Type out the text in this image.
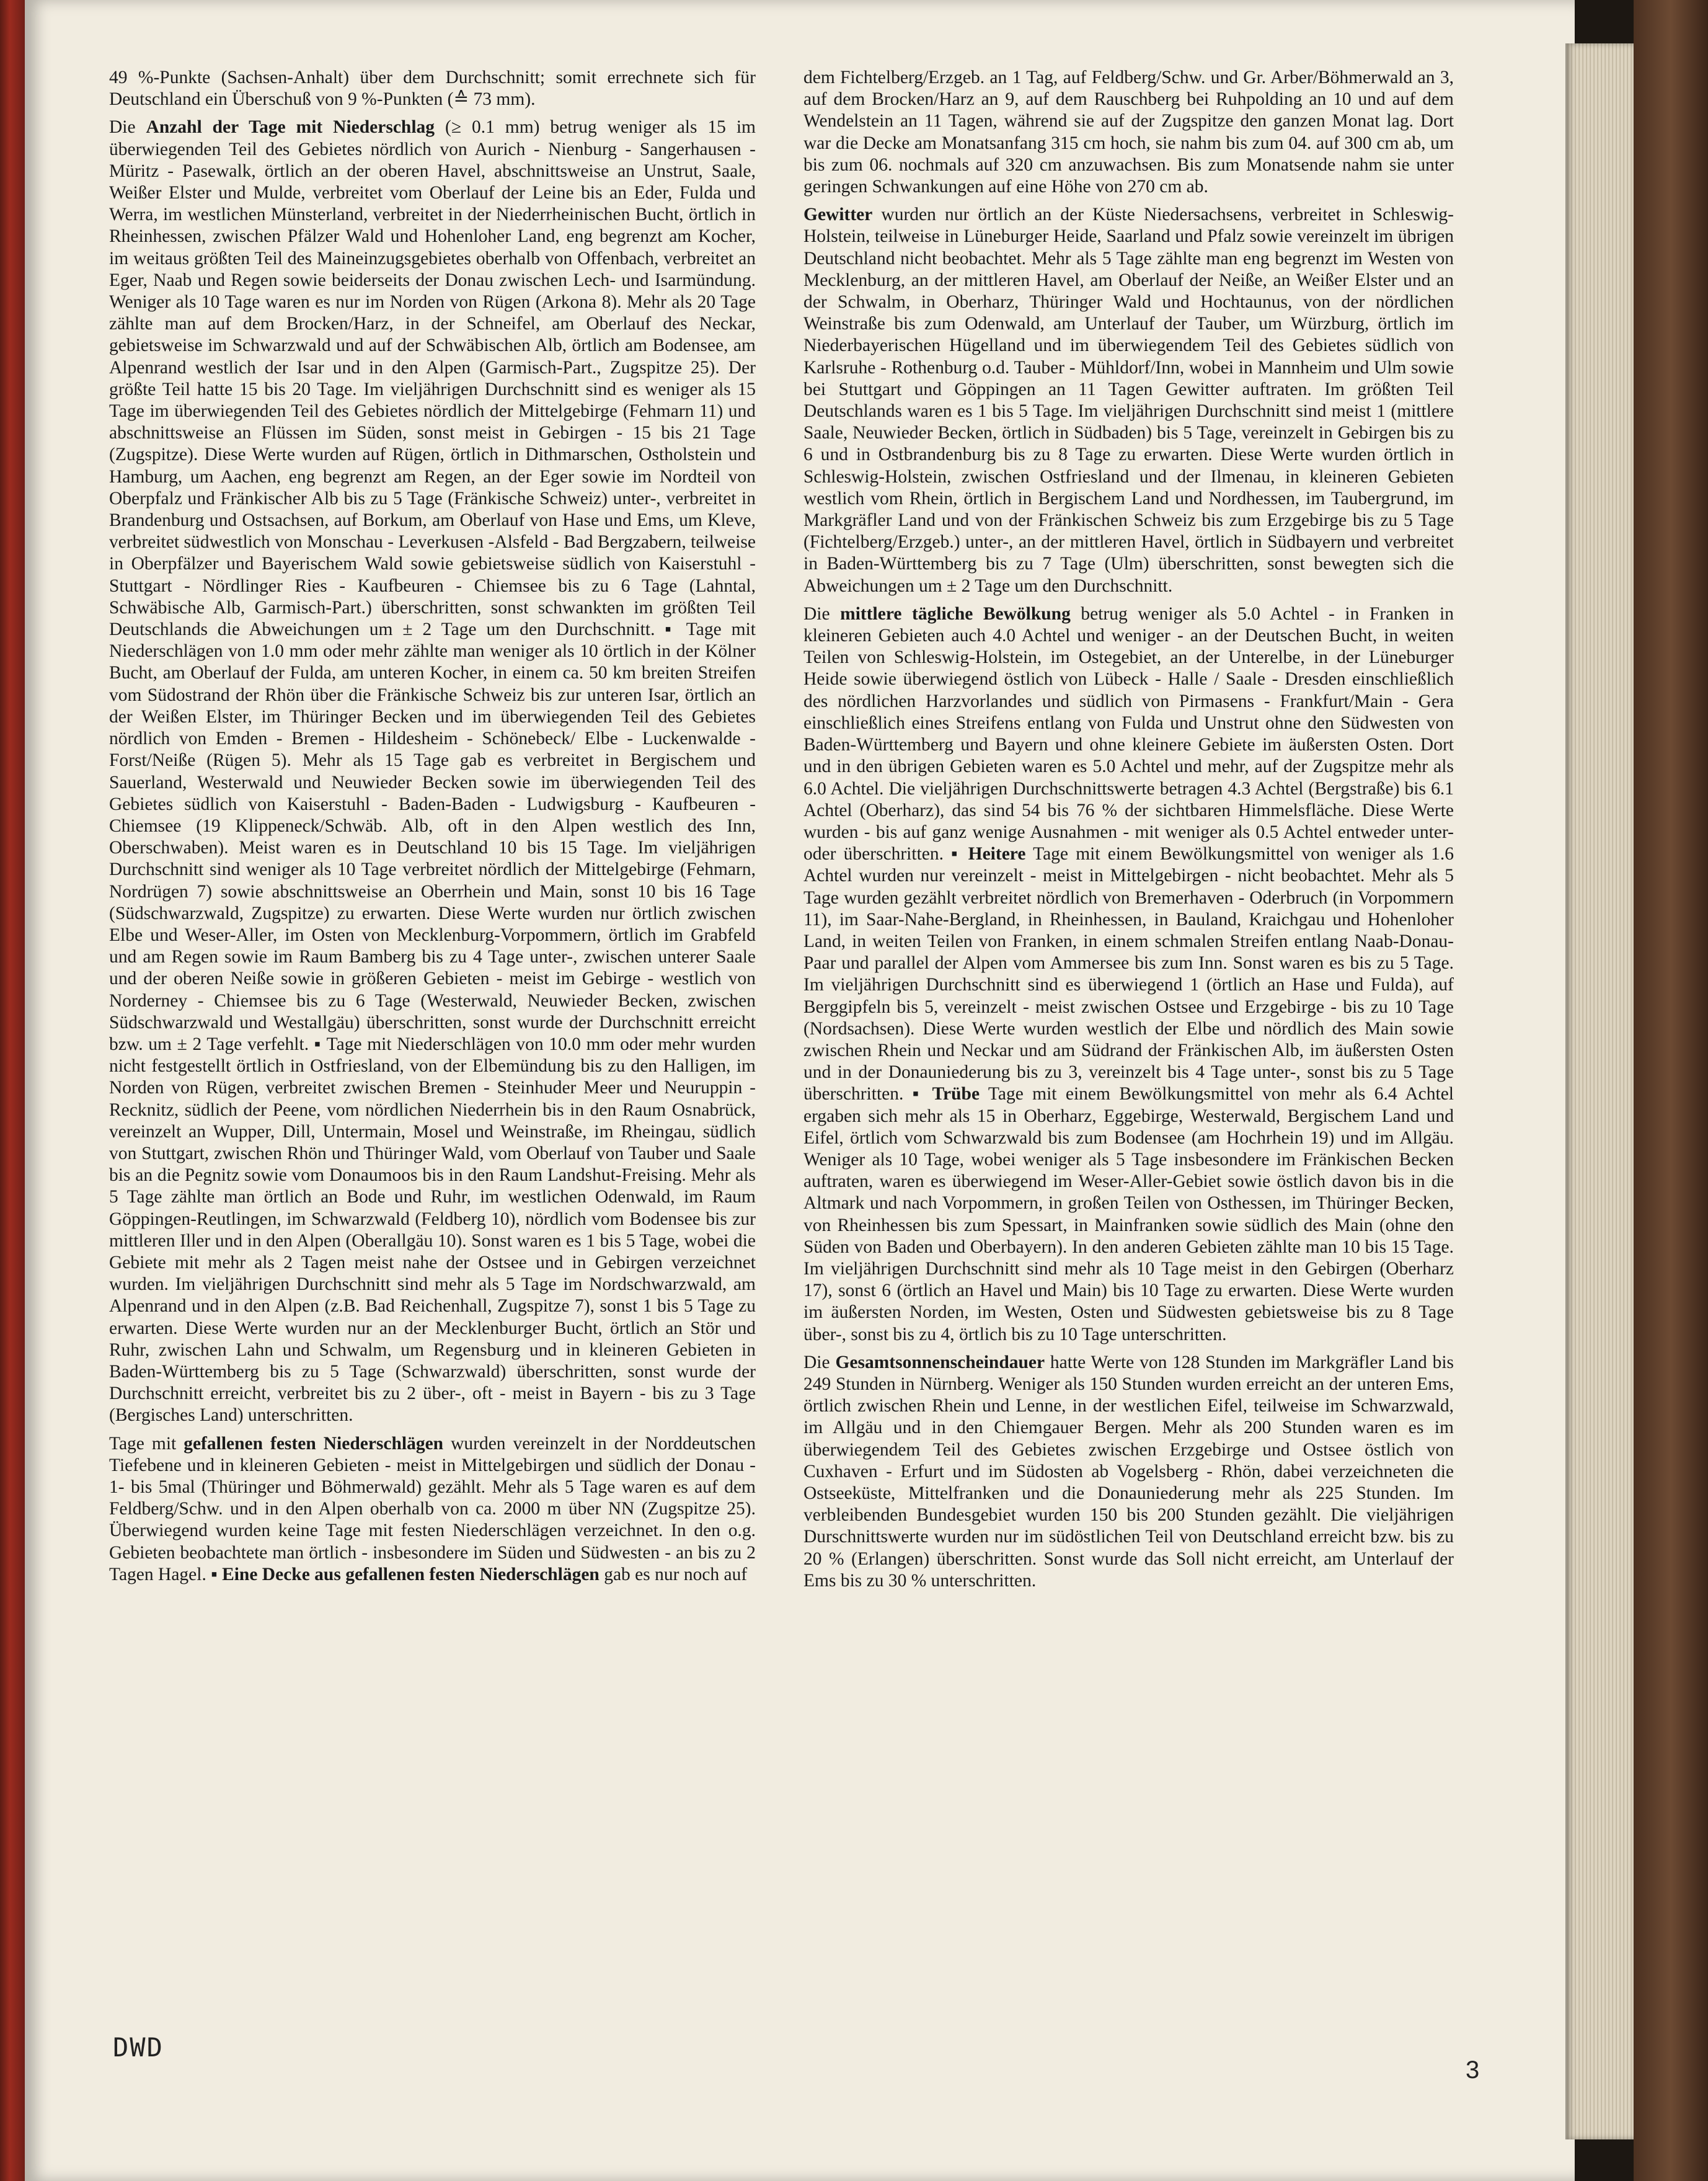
49 %-Punkte (Sachsen-Anhalt) über dem Durchschnitt; somit errechnete sich für Deutschland ein Überschuß von 9 %-Punkten (≙ 73 mm).

Die Anzahl der Tage mit Niederschlag (≥ 0.1 mm) betrug weniger als 15 im überwiegenden Teil des Gebietes nördlich von Aurich - Nienburg - Sangerhausen - Müritz - Pasewalk, örtlich an der oberen Havel, abschnittsweise an Unstrut, Saale, Weißer Elster und Mulde, verbreitet vom Oberlauf der Leine bis an Eder, Fulda und Werra, im westlichen Münsterland, verbreitet in der Niederrheinischen Bucht, örtlich in Rheinhessen, zwischen Pfälzer Wald und Hohenloher Land, eng begrenzt am Kocher, im weitaus größten Teil des Maineinzugsgebietes oberhalb von Offenbach, verbreitet an Eger, Naab und Regen sowie beiderseits der Donau zwischen Lech- und Isarmündung. Weniger als 10 Tage waren es nur im Norden von Rügen (Arkona 8). Mehr als 20 Tage zählte man auf dem Brocken/Harz, in der Schneifel, am Oberlauf des Neckar, gebietsweise im Schwarzwald und auf der Schwäbischen Alb, örtlich am Bodensee, am Alpenrand westlich der Isar und in den Alpen (Garmisch-Part., Zugspitze 25). Der größte Teil hatte 15 bis 20 Tage. Im vieljährigen Durchschnitt sind es weniger als 15 Tage im überwiegenden Teil des Gebietes nördlich der Mittelgebirge (Fehmarn 11) und abschnittsweise an Flüssen im Süden, sonst meist in Gebirgen - 15 bis 21 Tage (Zugspitze). Diese Werte wurden auf Rügen, örtlich in Dithmarschen, Ostholstein und Hamburg, um Aachen, eng begrenzt am Regen, an der Eger sowie im Nordteil von Oberpfalz und Fränkischer Alb bis zu 5 Tage (Fränkische Schweiz) unter-, verbreitet in Brandenburg und Ostsachsen, auf Borkum, am Oberlauf von Hase und Ems, um Kleve, verbreitet südwestlich von Monschau - Leverkusen -Alsfeld - Bad Bergzabern, teilweise in Oberpfälzer und Bayerischem Wald sowie gebietsweise südlich von Kaiserstuhl - Stuttgart - Nördlinger Ries - Kaufbeuren - Chiemsee bis zu 6 Tage (Lahntal, Schwäbische Alb, Garmisch-Part.) überschritten, sonst schwankten im größten Teil Deutschlands die Abweichungen um ± 2 Tage um den Durchschnitt. ▪ Tage mit Niederschlägen von 1.0 mm oder mehr zählte man weniger als 10 örtlich in der Kölner Bucht, am Oberlauf der Fulda, am unteren Kocher, in einem ca. 50 km breiten Streifen vom Südostrand der Rhön über die Fränkische Schweiz bis zur unteren Isar, örtlich an der Weißen Elster, im Thüringer Becken und im überwiegenden Teil des Gebietes nördlich von Emden - Bremen - Hildesheim - Schönebeck/ Elbe - Luckenwalde - Forst/Neiße (Rügen 5). Mehr als 15 Tage gab es verbreitet in Bergischem und Sauerland, Westerwald und Neuwieder Becken sowie im überwiegenden Teil des Gebietes südlich von Kaiserstuhl - Baden-Baden - Ludwigsburg - Kaufbeuren - Chiemsee (19 Klippeneck/Schwäb. Alb, oft in den Alpen westlich des Inn, Oberschwaben). Meist waren es in Deutschland 10 bis 15 Tage. Im vieljährigen Durchschnitt sind weniger als 10 Tage verbreitet nördlich der Mittelgebirge (Fehmarn, Nordrügen 7) sowie abschnittsweise an Oberrhein und Main, sonst 10 bis 16 Tage (Südschwarzwald, Zugspitze) zu erwarten. Diese Werte wurden nur örtlich zwischen Elbe und Weser-Aller, im Osten von Mecklenburg-Vorpommern, örtlich im Grabfeld und am Regen sowie im Raum Bamberg bis zu 4 Tage unter-, zwischen unterer Saale und der oberen Neiße sowie in größeren Gebieten - meist im Gebirge - westlich von Norderney - Chiemsee bis zu 6 Tage (Westerwald, Neuwieder Becken, zwischen Südschwarzwald und Westallgäu) überschritten, sonst wurde der Durchschnitt erreicht bzw. um ± 2 Tage verfehlt. ▪ Tage mit Niederschlägen von 10.0 mm oder mehr wurden nicht festgestellt örtlich in Ostfriesland, von der Elbemündung bis zu den Halligen, im Norden von Rügen, verbreitet zwischen Bremen - Steinhuder Meer und Neuruppin - Recknitz, südlich der Peene, vom nördlichen Niederrhein bis in den Raum Osnabrück, vereinzelt an Wupper, Dill, Untermain, Mosel und Weinstraße, im Rheingau, südlich von Stuttgart, zwischen Rhön und Thüringer Wald, vom Oberlauf von Tauber und Saale bis an die Pegnitz sowie vom Donaumoos bis in den Raum Landshut-Freising. Mehr als 5 Tage zählte man örtlich an Bode und Ruhr, im westlichen Odenwald, im Raum Göppingen-Reutlingen, im Schwarzwald (Feldberg 10), nördlich vom Bodensee bis zur mittleren Iller und in den Alpen (Oberallgäu 10). Sonst waren es 1 bis 5 Tage, wobei die Gebiete mit mehr als 2 Tagen meist nahe der Ostsee und in Gebirgen verzeichnet wurden. Im vieljährigen Durchschnitt sind mehr als 5 Tage im Nordschwarzwald, am Alpenrand und in den Alpen (z.B. Bad Reichenhall, Zugspitze 7), sonst 1 bis 5 Tage zu erwarten. Diese Werte wurden nur an der Mecklenburger Bucht, örtlich an Stör und Ruhr, zwischen Lahn und Schwalm, um Regensburg und in kleineren Gebieten in Baden-Württemberg bis zu 5 Tage (Schwarzwald) überschritten, sonst wurde der Durchschnitt erreicht, verbreitet bis zu 2 über-, oft - meist in Bayern - bis zu 3 Tage (Bergisches Land) unterschritten.

Tage mit gefallenen festen Niederschlägen wurden vereinzelt in der Norddeutschen Tiefebene und in kleineren Gebieten - meist in Mittelgebirgen und südlich der Donau - 1- bis 5mal (Thüringer und Böhmerwald) gezählt. Mehr als 5 Tage waren es auf dem Feldberg/Schw. und in den Alpen oberhalb von ca. 2000 m über NN (Zugspitze 25). Überwiegend wurden keine Tage mit festen Niederschlägen verzeichnet. In den o.g. Gebieten beobachtete man örtlich - insbesondere im Süden und Südwesten - an bis zu 2 Tagen Hagel. ▪ Eine Decke aus gefallenen festen Niederschlägen gab es nur noch auf

dem Fichtelberg/Erzgeb. an 1 Tag, auf Feldberg/Schw. und Gr. Arber/Böhmerwald an 3, auf dem Brocken/Harz an 9, auf dem Rauschberg bei Ruhpolding an 10 und auf dem Wendelstein an 11 Tagen, während sie auf der Zugspitze den ganzen Monat lag. Dort war die Decke am Monatsanfang 315 cm hoch, sie nahm bis zum 04. auf 300 cm ab, um bis zum 06. nochmals auf 320 cm anzuwachsen. Bis zum Monatsende nahm sie unter geringen Schwankungen auf eine Höhe von 270 cm ab.

Gewitter wurden nur örtlich an der Küste Niedersachsens, verbreitet in Schleswig-Holstein, teilweise in Lüneburger Heide, Saarland und Pfalz sowie vereinzelt im übrigen Deutschland nicht beobachtet. Mehr als 5 Tage zählte man eng begrenzt im Westen von Mecklenburg, an der mittleren Havel, am Oberlauf der Neiße, an Weißer Elster und an der Schwalm, in Oberharz, Thüringer Wald und Hochtaunus, von der nördlichen Weinstraße bis zum Odenwald, am Unterlauf der Tauber, um Würzburg, örtlich im Niederbayerischen Hügelland und im überwiegendem Teil des Gebietes südlich von Karlsruhe - Rothenburg o.d. Tauber - Mühldorf/Inn, wobei in Mannheim und Ulm sowie bei Stuttgart und Göppingen an 11 Tagen Gewitter auftraten. Im größten Teil Deutschlands waren es 1 bis 5 Tage. Im vieljährigen Durchschnitt sind meist 1 (mittlere Saale, Neuwieder Becken, örtlich in Südbaden) bis 5 Tage, vereinzelt in Gebirgen bis zu 6 und in Ostbrandenburg bis zu 8 Tage zu erwarten. Diese Werte wurden örtlich in Schleswig-Holstein, zwischen Ostfriesland und der Ilmenau, in kleineren Gebieten westlich vom Rhein, örtlich in Bergischem Land und Nordhessen, im Taubergrund, im Markgräfler Land und von der Fränkischen Schweiz bis zum Erzgebirge bis zu 5 Tage (Fichtelberg/Erzgeb.) unter-, an der mittleren Havel, örtlich in Südbayern und verbreitet in Baden-Württemberg bis zu 7 Tage (Ulm) überschritten, sonst bewegten sich die Abweichungen um ± 2 Tage um den Durchschnitt.

Die mittlere tägliche Bewölkung betrug weniger als 5.0 Achtel - in Franken in kleineren Gebieten auch 4.0 Achtel und weniger - an der Deutschen Bucht, in weiten Teilen von Schleswig-Holstein, im Ostegebiet, an der Unterelbe, in der Lüneburger Heide sowie überwiegend östlich von Lübeck - Halle / Saale - Dresden einschließlich des nördlichen Harzvorlandes und südlich von Pirmasens - Frankfurt/Main - Gera einschließlich eines Streifens entlang von Fulda und Unstrut ohne den Südwesten von Baden-Württemberg und Bayern und ohne kleinere Gebiete im äußersten Osten. Dort und in den übrigen Gebieten waren es 5.0 Achtel und mehr, auf der Zugspitze mehr als 6.0 Achtel. Die vieljährigen Durchschnittswerte betragen 4.3 Achtel (Bergstraße) bis 6.1 Achtel (Oberharz), das sind 54 bis 76 % der sichtbaren Himmelsfläche. Diese Werte wurden - bis auf ganz wenige Ausnahmen - mit weniger als 0.5 Achtel entweder unter- oder überschritten. ▪ Heitere Tage mit einem Bewölkungsmittel von weniger als 1.6 Achtel wurden nur vereinzelt - meist in Mittelgebirgen - nicht beobachtet. Mehr als 5 Tage wurden gezählt verbreitet nördlich von Bremerhaven - Oderbruch (in Vorpommern 11), im Saar-Nahe-Bergland, in Rheinhessen, in Bauland, Kraichgau und Hohenloher Land, in weiten Teilen von Franken, in einem schmalen Streifen entlang Naab-Donau-Paar und parallel der Alpen vom Ammersee bis zum Inn. Sonst waren es bis zu 5 Tage. Im vieljährigen Durchschnitt sind es überwiegend 1 (örtlich an Hase und Fulda), auf Berggipfeln bis 5, vereinzelt - meist zwischen Ostsee und Erzgebirge - bis zu 10 Tage (Nordsachsen). Diese Werte wurden westlich der Elbe und nördlich des Main sowie zwischen Rhein und Neckar und am Südrand der Fränkischen Alb, im äußersten Osten und in der Donauniederung bis zu 3, vereinzelt bis 4 Tage unter-, sonst bis zu 5 Tage überschritten. ▪ Trübe Tage mit einem Bewölkungsmittel von mehr als 6.4 Achtel ergaben sich mehr als 15 in Oberharz, Eggebirge, Westerwald, Bergischem Land und Eifel, örtlich vom Schwarzwald bis zum Bodensee (am Hochrhein 19) und im Allgäu. Weniger als 10 Tage, wobei weniger als 5 Tage insbesondere im Fränkischen Becken auftraten, waren es überwiegend im Weser-Aller-Gebiet sowie östlich davon bis in die Altmark und nach Vorpommern, in großen Teilen von Osthessen, im Thüringer Becken, von Rheinhessen bis zum Spessart, in Mainfranken sowie südlich des Main (ohne den Süden von Baden und Oberbayern). In den anderen Gebieten zählte man 10 bis 15 Tage. Im vieljährigen Durchschnitt sind mehr als 10 Tage meist in den Gebirgen (Oberharz 17), sonst 6 (örtlich an Havel und Main) bis 10 Tage zu erwarten. Diese Werte wurden im äußersten Norden, im Westen, Osten und Südwesten gebietsweise bis zu 8 Tage über-, sonst bis zu 4, örtlich bis zu 10 Tage unterschritten.

Die Gesamtsonnenscheindauer hatte Werte von 128 Stunden im Markgräfler Land bis 249 Stunden in Nürnberg. Weniger als 150 Stunden wurden erreicht an der unteren Ems, örtlich zwischen Rhein und Lenne, in der westlichen Eifel, teilweise im Schwarzwald, im Allgäu und in den Chiemgauer Bergen. Mehr als 200 Stunden waren es im überwiegendem Teil des Gebietes zwischen Erzgebirge und Ostsee östlich von Cuxhaven - Erfurt und im Südosten ab Vogelsberg - Rhön, dabei verzeichneten die Ostseeküste, Mittelfranken und die Donauniederung mehr als 225 Stunden. Im verbleibenden Bundesgebiet wurden 150 bis 200 Stunden gezählt. Die vieljährigen Durschnittswerte wurden nur im südöstlichen Teil von Deutschland erreicht bzw. bis zu 20 % (Erlangen) überschritten. Sonst wurde das Soll nicht erreicht, am Unterlauf der Ems bis zu 30 % unterschritten.

DWD
3
